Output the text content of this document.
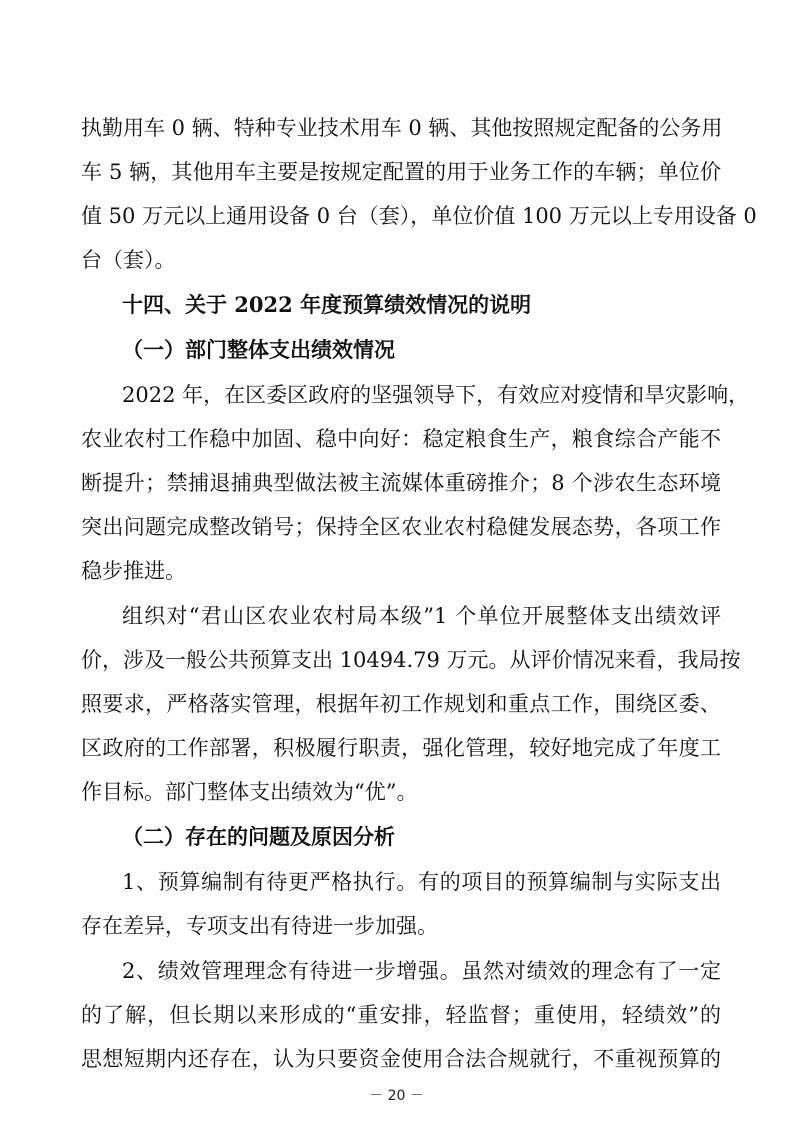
执勤用车 0 辆、特种专业技术用车 0 辆、其他按照规定配备的公务用
车 5 辆，其他用车主要是按规定配置的用于业务工作的车辆；单位价
值 50 万元以上通用设备 0 台（套），单位价值 100 万元以上专用设备 0
台（套）。
十四、关于 2022 年度预算绩效情况的说明
（一）部门整体支出绩效情况
2022 年，在区委区政府的坚强领导下，有效应对疫情和旱灾影响，
农业农村工作稳中加固、稳中向好：稳定粮食生产，粮食综合产能不
断提升；禁捕退捕典型做法被主流媒体重磅推介；8 个涉农生态环境
突出问题完成整改销号；保持全区农业农村稳健发展态势，各项工作
稳步推进。
组织对“君山区农业农村局本级”1 个单位开展整体支出绩效评
价，涉及一般公共预算支出 10494.79 万元。从评价情况来看，我局按
照要求，严格落实管理，根据年初工作规划和重点工作，围绕区委、
区政府的工作部署，积极履行职责，强化管理，较好地完成了年度工
作目标。部门整体支出绩效为“优”。
（二）存在的问题及原因分析
1、预算编制有待更严格执行。有的项目的预算编制与实际支出
存在差异，专项支出有待进一步加强。
2、绩效管理理念有待进一步增强。虽然对绩效的理念有了一定
的了解，但长期以来形成的“重安排，轻监督；重使用，轻绩效”的
思想短期内还存在，认为只要资金使用合法合规就行，不重视预算的
－ 20 －
